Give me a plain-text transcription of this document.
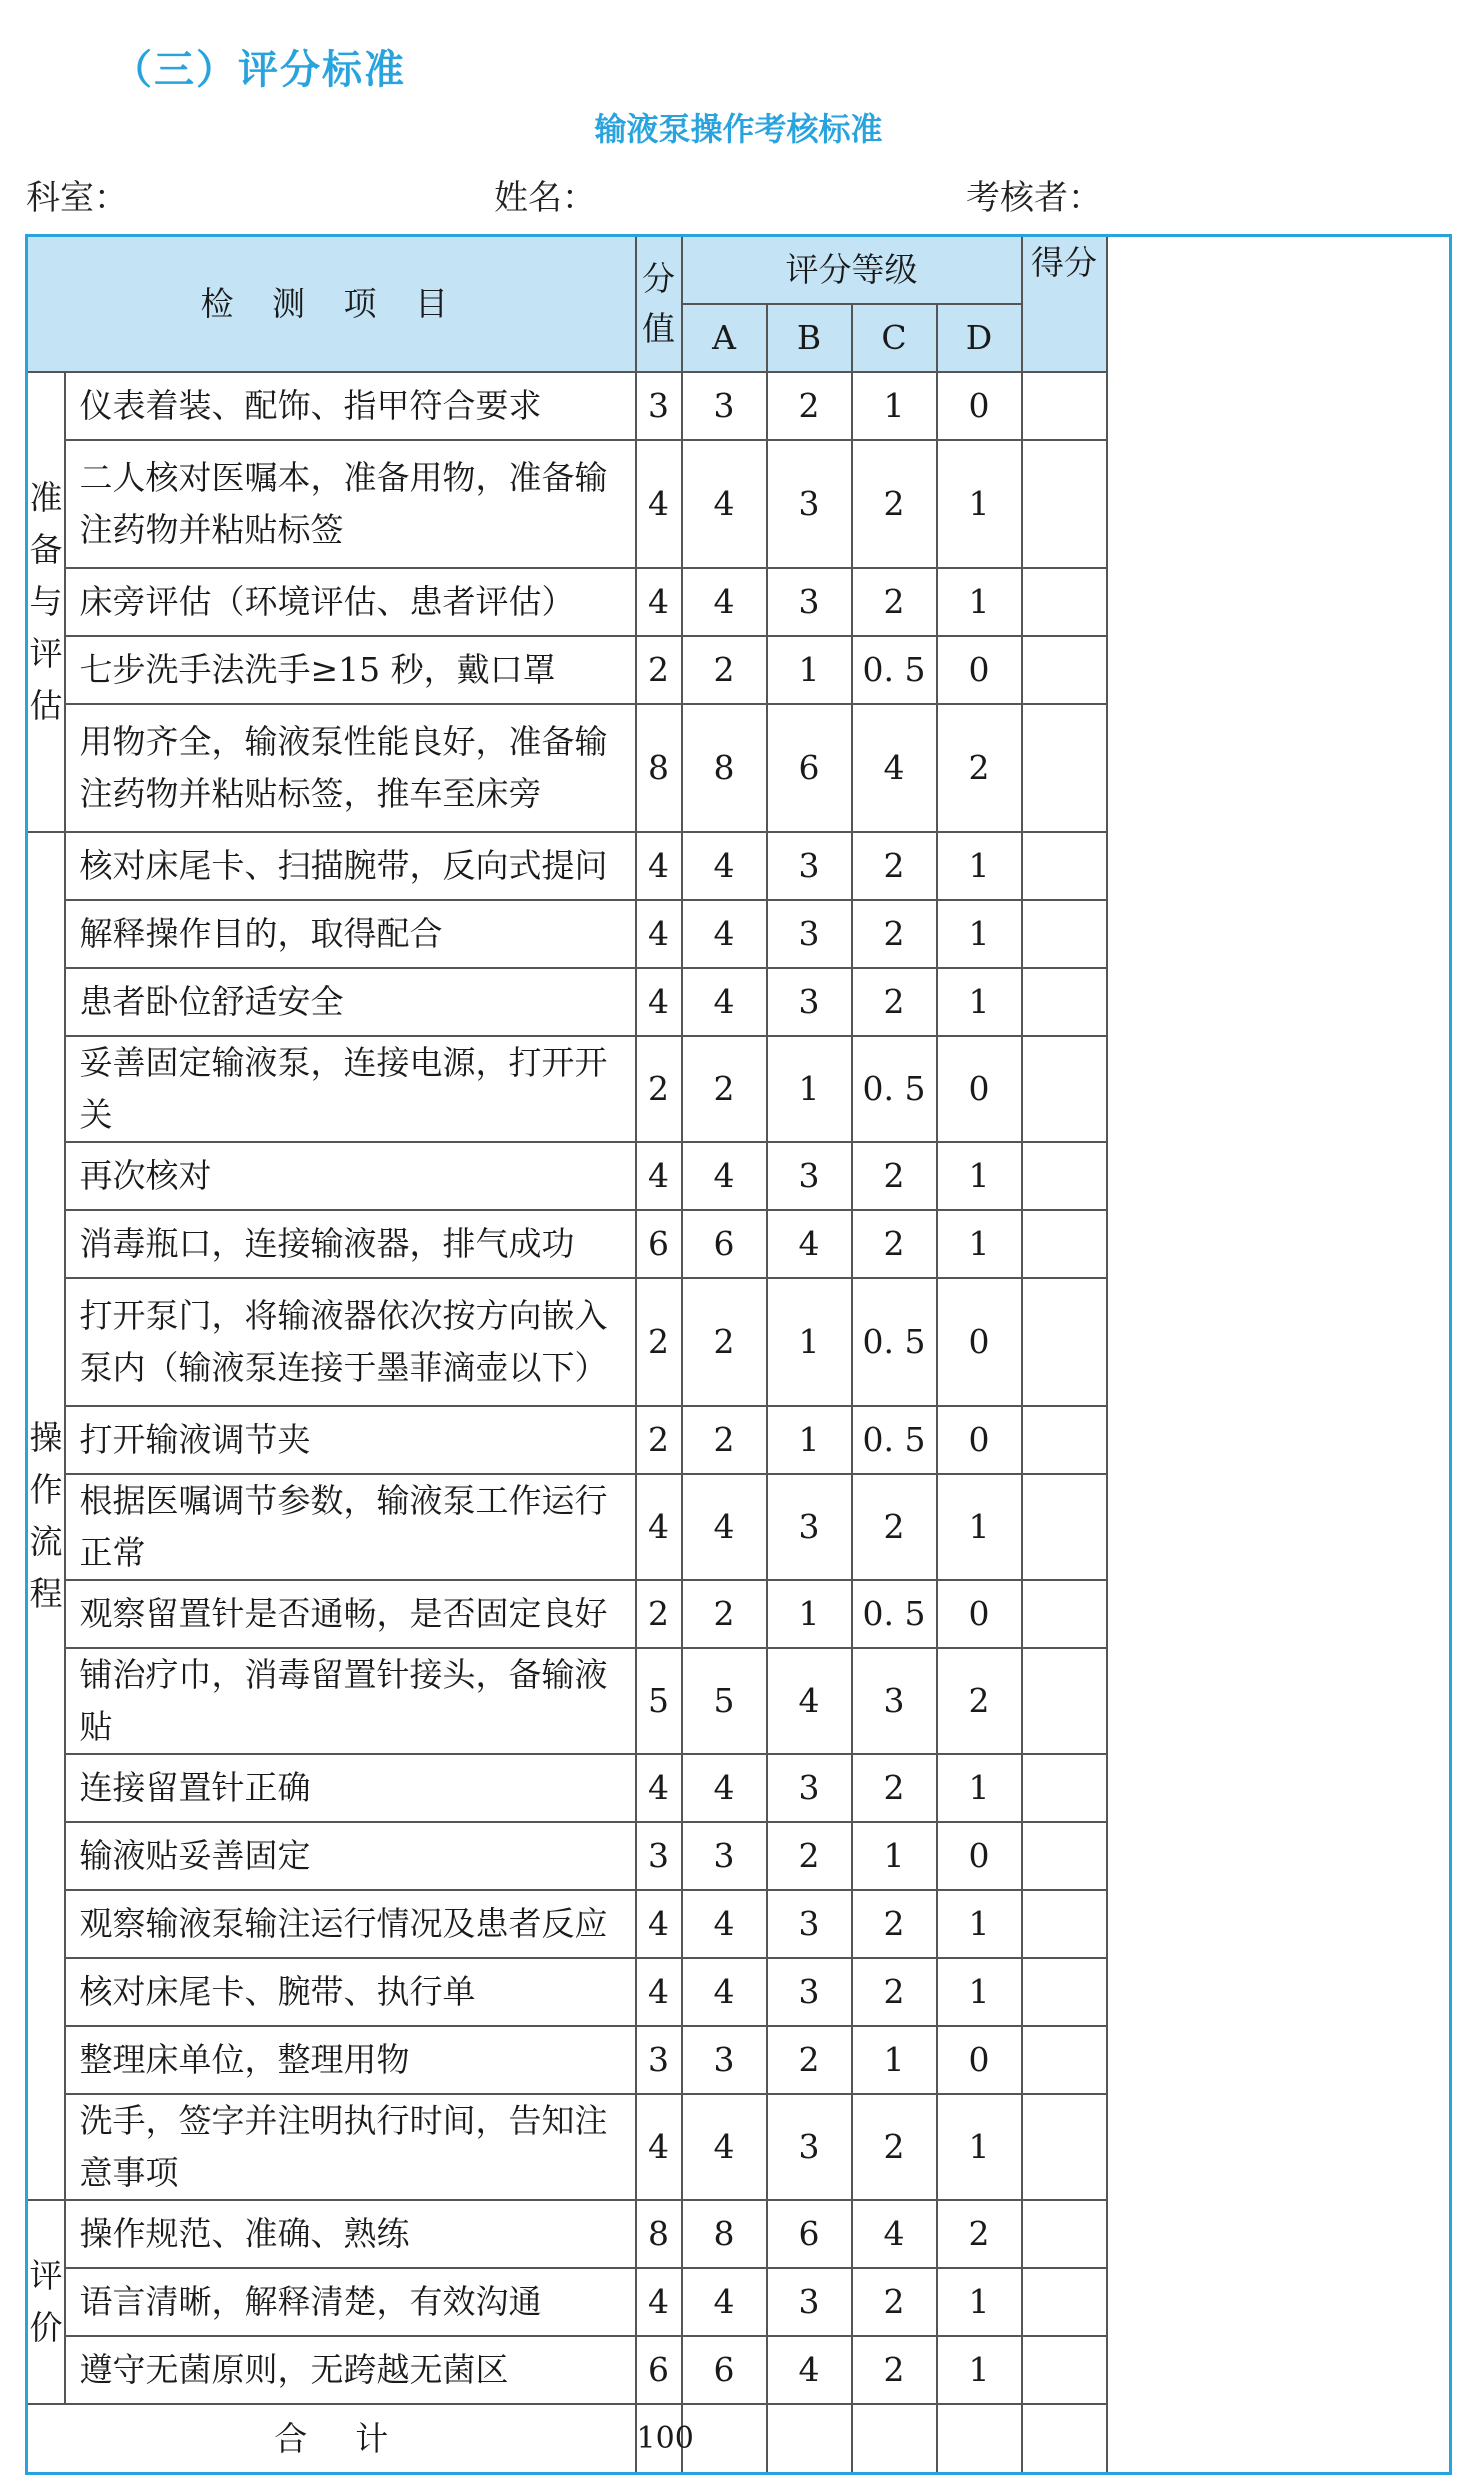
（三）评分标准
输液泵操作考核标准
科室：	姓名：	考核者：
检 测 项 目		分值	评分等级				得分
			A	B	C	D	
准备与评估	仪表着装、配饰、指甲符合要求	3	3	2	1	0	
	二人核对医嘱本，准备用物，准备输注药物并粘贴标签	4	4	3	2	1	
	床旁评估（环境评估、患者评估）	4	4	3	2	1	
	七步洗手法洗手≥15 秒，戴口罩	2	2	1	0. 5	0	
	用物齐全，输液泵性能良好，准备输注药物并粘贴标签，推车至床旁	8	8	6	4	2	
操作流程	核对床尾卡、扫描腕带，反向式提问	4	4	3	2	1	
	解释操作目的，取得配合	4	4	3	2	1	
	患者卧位舒适安全	4	4	3	2	1	
	妥善固定输液泵，连接电源，打开开关	2	2	1	0. 5	0	
	再次核对	4	4	3	2	1	
	消毒瓶口，连接输液器，排气成功	6	6	4	2	1	
	打开泵门，将输液器依次按方向嵌入泵内（输液泵连接于墨菲滴壶以下）	2	2	1	0. 5	0	
	打开输液调节夹	2	2	1	0. 5	0	
	根据医嘱调节参数，输液泵工作运行正常	4	4	3	2	1	
	观察留置针是否通畅，是否固定良好	2	2	1	0. 5	0	
	铺治疗巾，消毒留置针接头，备输液贴	5	5	4	3	2	
	连接留置针正确	4	4	3	2	1	
	输液贴妥善固定	3	3	2	1	0	
	观察输液泵输注运行情况及患者反应	4	4	3	2	1	
	核对床尾卡、腕带、执行单	4	4	3	2	1	
	整理床单位，整理用物	3	3	2	1	0	
	洗手，签字并注明执行时间，告知注意事项	4	4	3	2	1	
评价	操作规范、准确、熟练	8	8	6	4	2	
	语言清晰，解释清楚，有效沟通	4	4	3	2	1	
	遵守无菌原则，无跨越无菌区	6	6	4	2	1	
合计		100					
